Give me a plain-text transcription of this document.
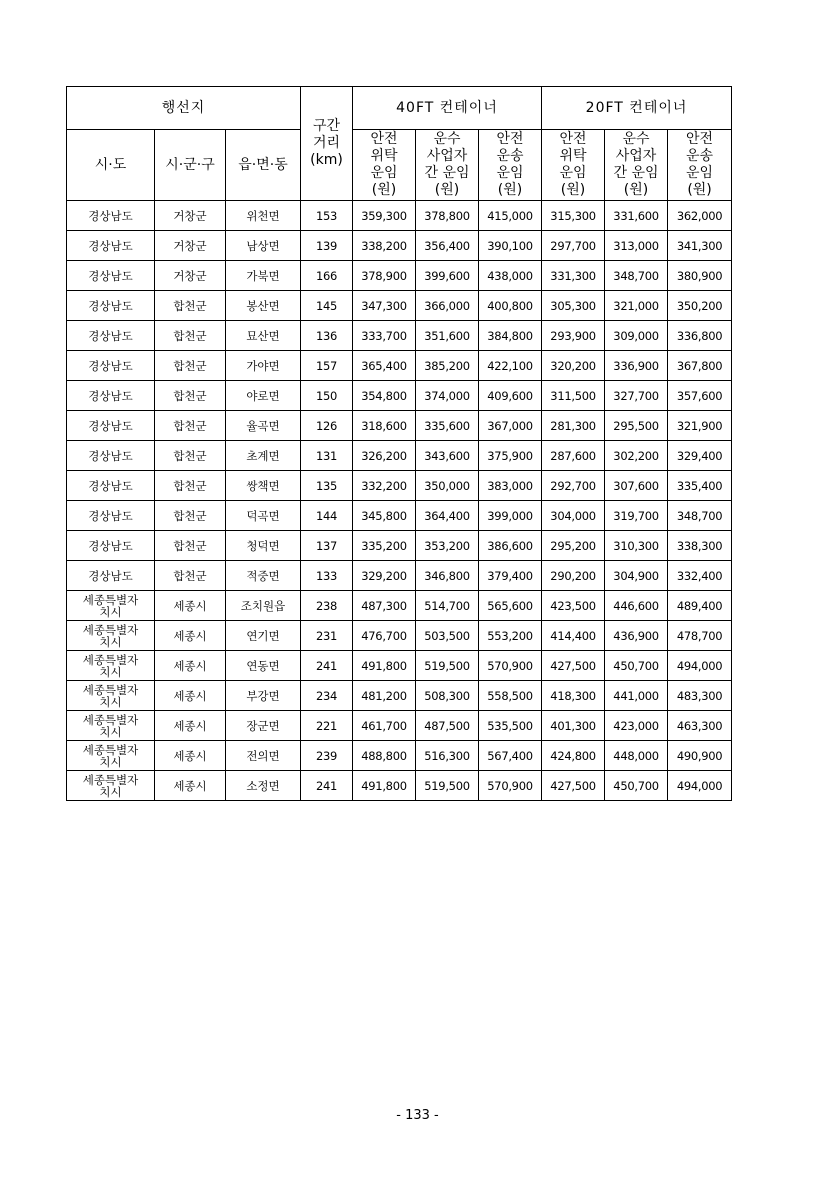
행선지			구간
거리
(km)	40FT 컨테이너			20FT 컨테이너		
시·도	시·군·구	읍·면·동		안전
위탁
운임
(원)	운수
사업자
간 운임
(원)	안전
운송
운임
(원)	안전
위탁
운임
(원)	운수
사업자
간 운임
(원)	안전
운송
운임
(원)
경상남도	거창군	위천면	153	359,300	378,800	415,000	315,300	331,600	362,000
경상남도	거창군	남상면	139	338,200	356,400	390,100	297,700	313,000	341,300
경상남도	거창군	가북면	166	378,900	399,600	438,000	331,300	348,700	380,900
경상남도	합천군	봉산면	145	347,300	366,000	400,800	305,300	321,000	350,200
경상남도	합천군	묘산면	136	333,700	351,600	384,800	293,900	309,000	336,800
경상남도	합천군	가야면	157	365,400	385,200	422,100	320,200	336,900	367,800
경상남도	합천군	야로면	150	354,800	374,000	409,600	311,500	327,700	357,600
경상남도	합천군	율곡면	126	318,600	335,600	367,000	281,300	295,500	321,900
경상남도	합천군	초계면	131	326,200	343,600	375,900	287,600	302,200	329,400
경상남도	합천군	쌍책면	135	332,200	350,000	383,000	292,700	307,600	335,400
경상남도	합천군	덕곡면	144	345,800	364,400	399,000	304,000	319,700	348,700
경상남도	합천군	청덕면	137	335,200	353,200	386,600	295,200	310,300	338,300
경상남도	합천군	적중면	133	329,200	346,800	379,400	290,200	304,900	332,400
세종특별자
치시	세종시	조치원읍	238	487,300	514,700	565,600	423,500	446,600	489,400
세종특별자
치시	세종시	연기면	231	476,700	503,500	553,200	414,400	436,900	478,700
세종특별자
치시	세종시	연동면	241	491,800	519,500	570,900	427,500	450,700	494,000
세종특별자
치시	세종시	부강면	234	481,200	508,300	558,500	418,300	441,000	483,300
세종특별자
치시	세종시	장군면	221	461,700	487,500	535,500	401,300	423,000	463,300
세종특별자
치시	세종시	전의면	239	488,800	516,300	567,400	424,800	448,000	490,900
세종특별자
치시	세종시	소정면	241	491,800	519,500	570,900	427,500	450,700	494,000
- 133 -
